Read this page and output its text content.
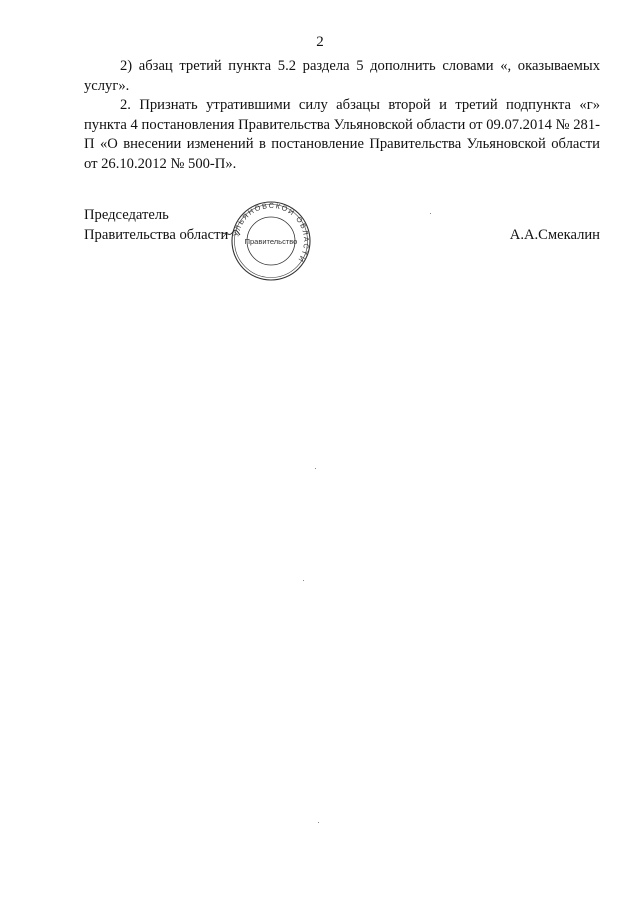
2

2) абзац третий пункта 5.2 раздела 5 дополнить словами «, оказываемых услуг».

2. Признать утратившими силу абзацы второй и третий подпункта «г» пункта 4 постановления Правительства Ульяновской области от 09.07.2014 № 281-П «О внесении изменений в постановление Правительства Ульяновской области от 26.10.2012 № 500-П».

Председатель
Правительства области	А.А.Смекалин
УЛЬЯНОВСКОЙ ОБЛАСТИ
Правительство
